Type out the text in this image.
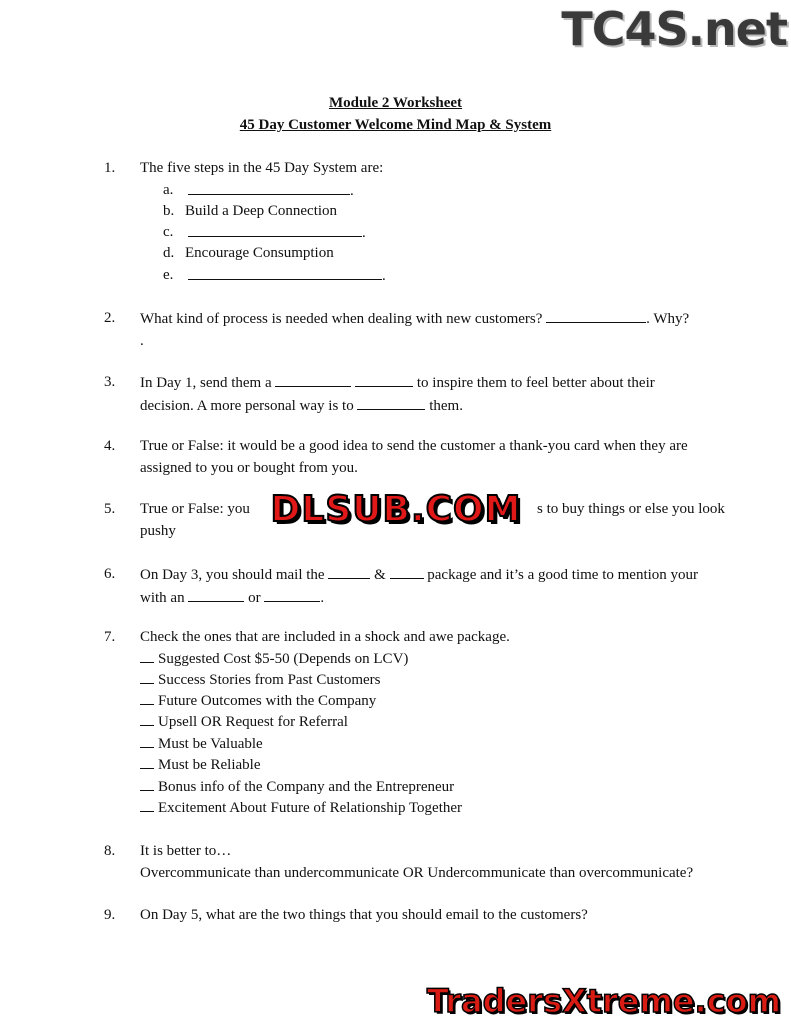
TC4S.net
Module 2 Worksheet
45 Day Customer Welcome Mind Map & System
1. The five steps in the 45 Day System are:
a.	.
b. Build a Deep Connection
c.	.
d. Encourage Consumption
e.	.
2. What kind of process is needed when dealing with new customers?	. Why?
.
3. In Day 1, send them a	to inspire them to feel better about their
decision. A more personal way is to	them.
4. True or False: it would be a good idea to send the customer a thank-you card when they are assigned to you or bought from you.
5. True or False: you	s to buy things or else you look

pushy
DLSUB.COM
6. On Day 3, you should mail the	&	package and it’s a good time to mention your
with an	or	.
7. Check the ones that are included in a shock and awe package.
Suggested Cost $5-50 (Depends on LCV)
Success Stories from Past Customers
Future Outcomes with the Company
Upsell OR Request for Referral
Must be Valuable
Must be Reliable
Bonus info of the Company and the Entrepreneur
Excitement About Future of Relationship Together
8. It is better to…
Overcommunicate than undercommunicate OR Undercommunicate than overcommunicate?
9. On Day 5, what are the two things that you should email to the customers?
TradersXtreme.com
